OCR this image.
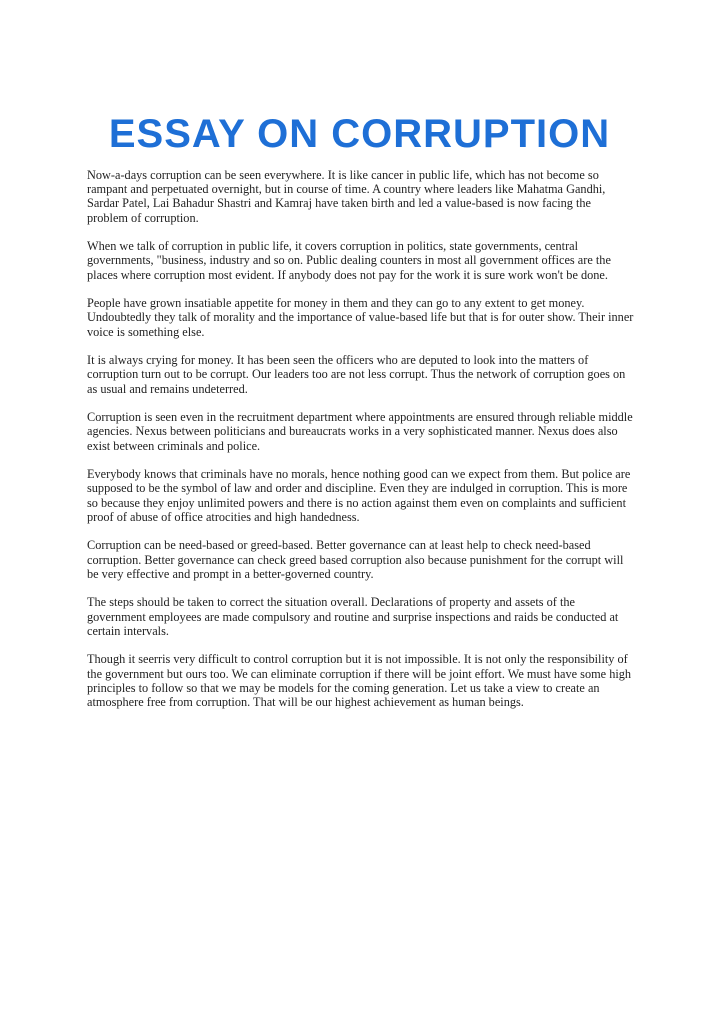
ESSAY ON CORRUPTION

Now-a-days corruption can be seen everywhere. It is like cancer in public life, which has not become so rampant and perpetuated overnight, but in course of time. A country where leaders like Mahatma Gandhi, Sardar Patel, Lai Bahadur Shastri and Kamraj have taken birth and led a value-based is now facing the problem of corruption.

When we talk of corruption in public life, it covers corruption in politics, state governments, central governments, "business, industry and so on. Public dealing counters in most all government offices are the places where corruption most evident. If anybody does not pay for the work it is sure work won't be done.

People have grown insatiable appetite for money in them and they can go to any extent to get money. Undoubtedly they talk of morality and the importance of value-based life but that is for outer show. Their inner voice is something else.

It is always crying for money. It has been seen the officers who are deputed to look into the matters of corruption turn out to be corrupt. Our leaders too are not less corrupt. Thus the network of corruption goes on as usual and remains undeterred.

Corruption is seen even in the recruitment department where appointments are ensured through reliable middle agencies. Nexus between politicians and bureaucrats works in a very sophisticated manner. Nexus does also exist between criminals and police.

Everybody knows that criminals have no morals, hence nothing good can we expect from them. But police are supposed to be the symbol of law and order and discipline. Even they are indulged in corruption. This is more so because they enjoy unlimited powers and there is no action against them even on complaints and sufficient proof of abuse of office atrocities and high handedness.

Corruption can be need-based or greed-based. Better governance can at least help to check need-based corruption. Better governance can check greed based corruption also because punishment for the corrupt will be very effective and prompt in a better-governed country.

The steps should be taken to correct the situation overall. Declarations of property and assets of the government employees are made compulsory and routine and surprise inspections and raids be conducted at certain intervals.

Though it seerris very difficult to control corruption but it is not impossible. It is not only the responsibility of the government but ours too. We can eliminate corruption if there will be joint effort. We must have some high principles to follow so that we may be models for the coming generation. Let us take a view to create an atmosphere free from corruption. That will be our highest achievement as human beings.
